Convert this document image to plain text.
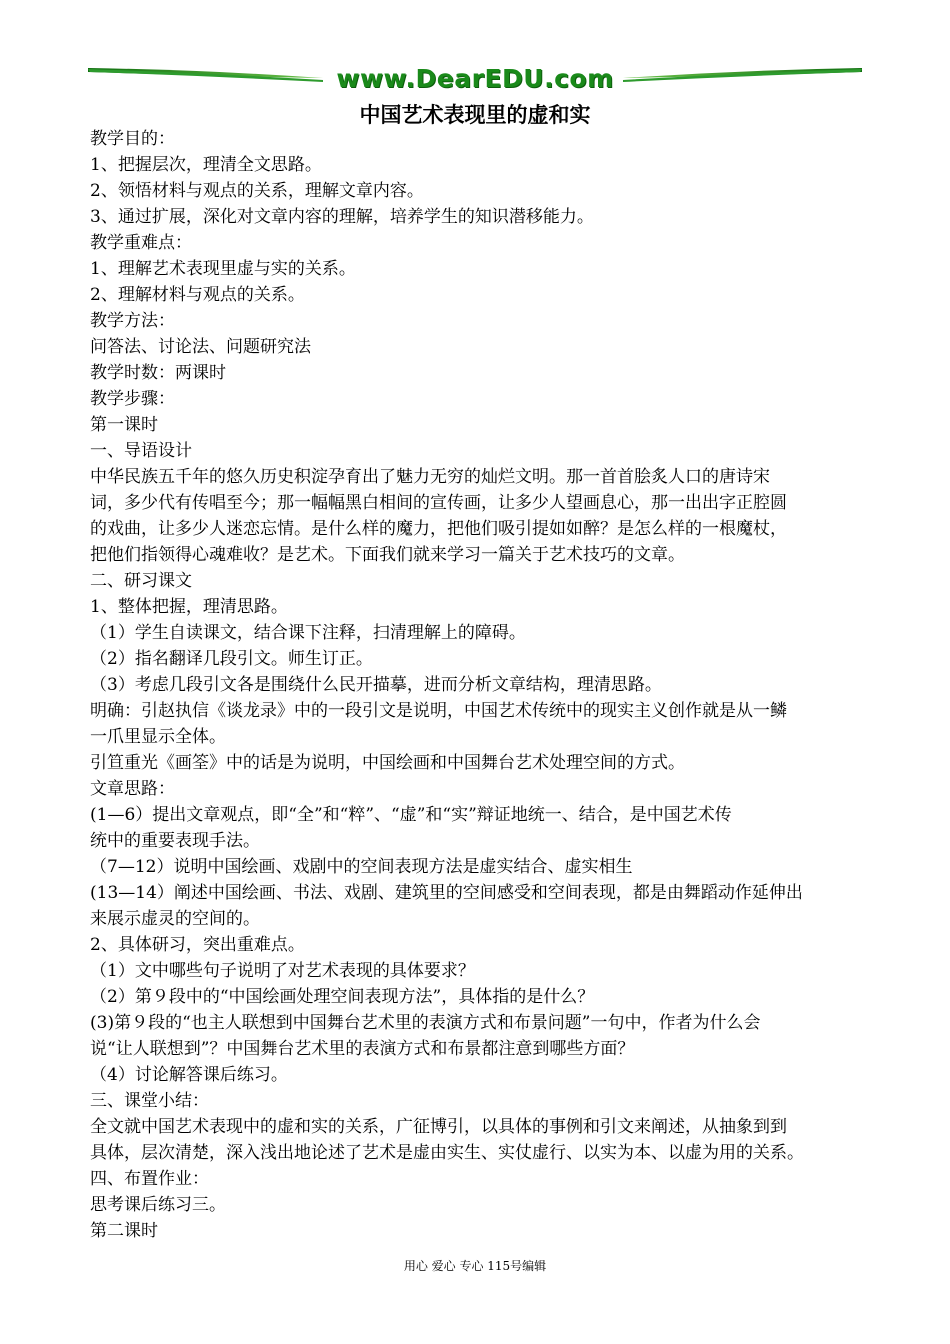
www.DearEDU.com
中国艺术表现里的虚和实
教学目的：
1、把握层次，理清全文思路。
2、领悟材料与观点的关系，理解文章内容。
3、通过扩展，深化对文章内容的理解，培养学生的知识潜移能力。
教学重难点：
1、理解艺术表现里虚与实的关系。
2、理解材料与观点的关系。
教学方法：
问答法、讨论法、问题研究法
教学时数：两课时
教学步骤：
第一课时
一、导语设计
中华民族五千年的悠久历史积淀孕育出了魅力无穷的灿烂文明。那一首首脍炙人口的唐诗宋
词，多少代有传唱至今；那一幅幅黑白相间的宣传画，让多少人望画息心，那一出出字正腔圆
的戏曲，让多少人迷恋忘情。是什么样的魔力，把他们吸引提如如醉？是怎么样的一根魔杖，
把他们指领得心魂难收？是艺术。下面我们就来学习一篇关于艺术技巧的文章。
二、研习课文
1、整体把握，理清思路。
（1）学生自读课文，结合课下注释，扫清理解上的障碍。
（2）指名翻译几段引文。师生订正。
（3）考虑几段引文各是围绕什么民开描摹，进而分析文章结构，理清思路。
明确：引赵执信《谈龙录》中的一段引文是说明，中国艺术传统中的现实主义创作就是从一鳞
一爪里显示全体。
引笪重光《画筌》中的话是为说明，中国绘画和中国舞台艺术处理空间的方式。
文章思路：
(1—6）提出文章观点，即“全”和“粹”、“虚”和“实”辩证地统一、结合，是中国艺术传
统中的重要表现手法。
（7—12）说明中国绘画、戏剧中的空间表现方法是虚实结合、虚实相生
(13—14）阐述中国绘画、书法、戏剧、建筑里的空间感受和空间表现，都是由舞蹈动作延伸出
来展示虚灵的空间的。
2、具体研习，突出重难点。
（1）文中哪些句子说明了对艺术表现的具体要求？
（2）第９段中的“中国绘画处理空间表现方法”，具体指的是什么？
(3)第９段的“也主人联想到中国舞台艺术里的表演方式和布景问题”一句中，作者为什么会
说“让人联想到”？中国舞台艺术里的表演方式和布景都注意到哪些方面？
（4）讨论解答课后练习。
三、课堂小结：
全文就中国艺术表现中的虚和实的关系，广征博引，以具体的事例和引文来阐述，从抽象到到
具体，层次清楚，深入浅出地论述了艺术是虚由实生、实仗虚行、以实为本、以虚为用的关系。
四、布置作业：
思考课后练习三。
第二课时
用心 爱心 专心 115号编辑
